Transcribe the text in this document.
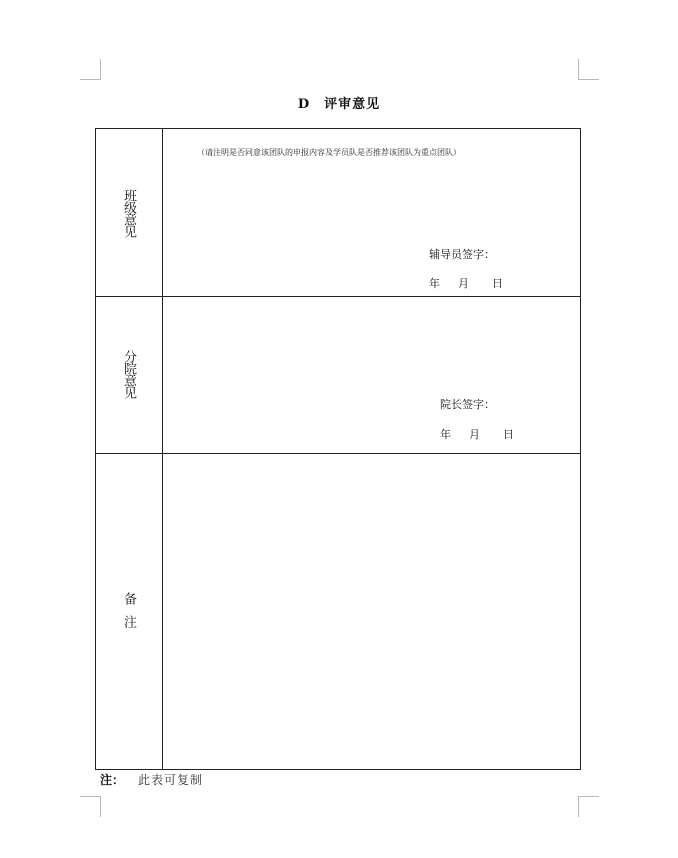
D 评审意见
班级意见
（请注明是否同意该团队的申报内容及学员队是否推荐该团队为重点团队）
辅导员签字：
年 月 日
分院意见
院长签字：
年 月 日
备注
注： 此表可复制
